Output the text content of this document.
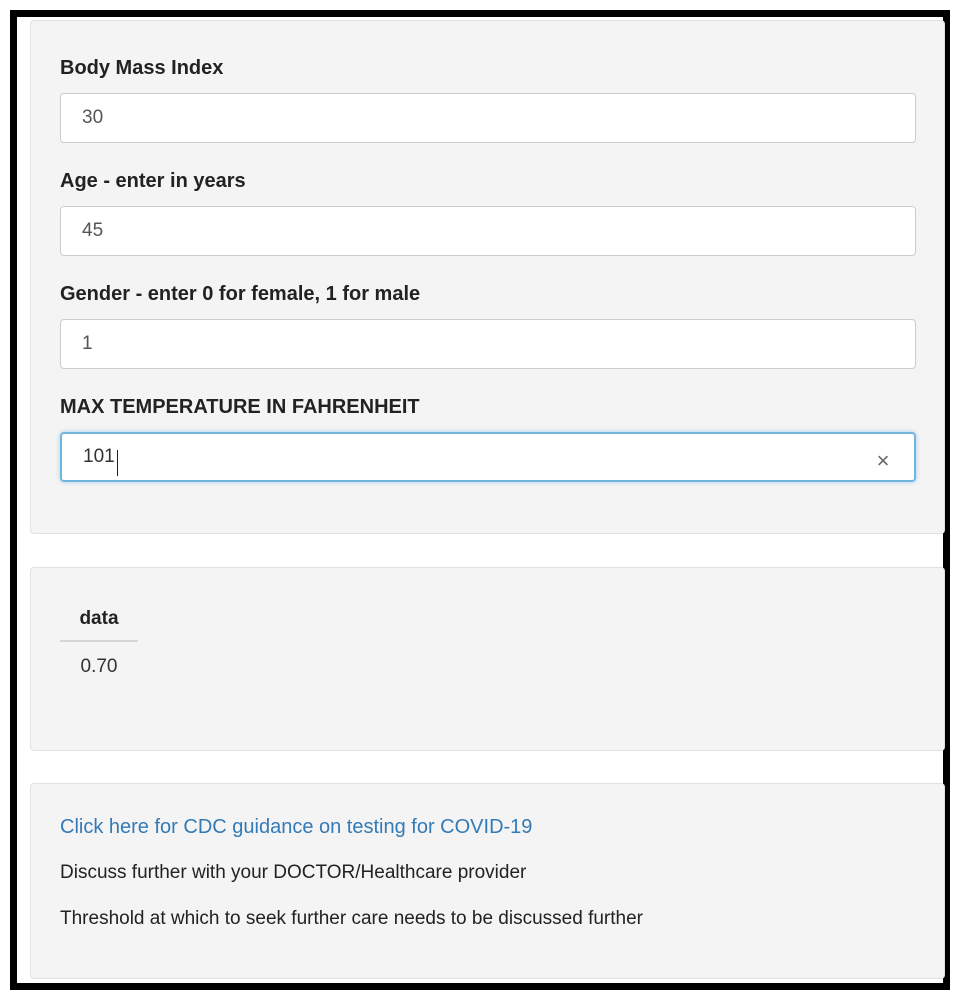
Body Mass Index
30
Age - enter in years
45
Gender - enter 0 for female, 1 for male
1
MAX TEMPERATURE IN FAHRENHEIT
101
×
data
0.70
Click here for CDC guidance on testing for COVID-19
Discuss further with your DOCTOR/Healthcare provider
Threshold at which to seek further care needs to be discussed further
